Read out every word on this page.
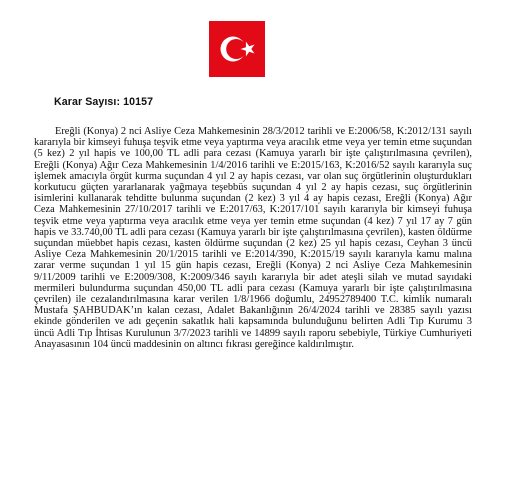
Karar Sayısı: 10157

Ereğli (Konya) 2 nci Asliye Ceza Mahkemesinin 28/3/2012 tarihli ve E:2006/58, K:2012/131 sayılı kararıyla bir kimseyi fuhuşa teşvik etme veya yaptırma veya aracılık etme veya yer temin etme suçundan (5 kez) 2 yıl hapis ve 100,00 TL adli para cezası (Kamuya yararlı bir işte çalıştırılmasına çevrilen), Ereğli (Konya) Ağır Ceza Mahkemesinin 1/4/2016 tarihli ve E:2015/163, K:2016/52 sayılı kararıyla suç işlemek amacıyla örgüt kurma suçundan 4 yıl 2 ay hapis cezası, var olan suç örgütlerinin oluşturdukları korkutucu güçten yararlanarak yağmaya teşebbüs suçundan 4 yıl 2 ay hapis cezası, suç örgütlerinin isimlerini kullanarak tehditte bulunma suçundan (2 kez) 3 yıl 4 ay hapis cezası, Ereğli (Konya) Ağır Ceza Mahkemesinin 27/10/2017 tarihli ve E:2017/63, K:2017/101 sayılı kararıyla bir kimseyi fuhuşa teşvik etme veya yaptırma veya aracılık etme veya yer temin etme suçundan (4 kez) 7 yıl 17 ay 7 gün hapis ve 33.740,00 TL adli para cezası (Kamuya yararlı bir işte çalıştırılmasına çevrilen), kasten öldürme suçundan müebbet hapis cezası, kasten öldürme suçundan (2 kez) 25 yıl hapis cezası, Ceyhan 3 üncü Asliye Ceza Mahkemesinin 20/1/2015 tarihli ve E:2014/390, K:2015/19 sayılı kararıyla kamu malına zarar verme suçundan 1 yıl 15 gün hapis cezası, Ereğli (Konya) 2 nci Asliye Ceza Mahkemesinin 9/11/2009 tarihli ve E:2009/308, K:2009/346 sayılı kararıyla bir adet ateşli silah ve mutad sayıdaki mermileri bulundurma suçundan 450,00 TL adli para cezası (Kamuya yararlı bir işte çalıştırılmasına çevrilen) ile cezalandırılmasına karar verilen 1/8/1966 doğumlu, 24952789400 T.C. kimlik numaralı Mustafa ŞAHBUDAK’ın kalan cezası, Adalet Bakanlığının 26/4/2024 tarihli ve 28385 sayılı yazısı ekinde gönderilen ve adı geçenin sakatlık hali kapsamında bulunduğunu belirten Adli Tıp Kurumu 3 üncü Adli Tıp İhtisas Kurulunun 3/7/2023 tarihli ve 14899 sayılı raporu sebebiyle, Türkiye Cumhuriyeti Anayasasının 104 üncü maddesinin on altıncı fıkrası gereğince kaldırılmıştır.
